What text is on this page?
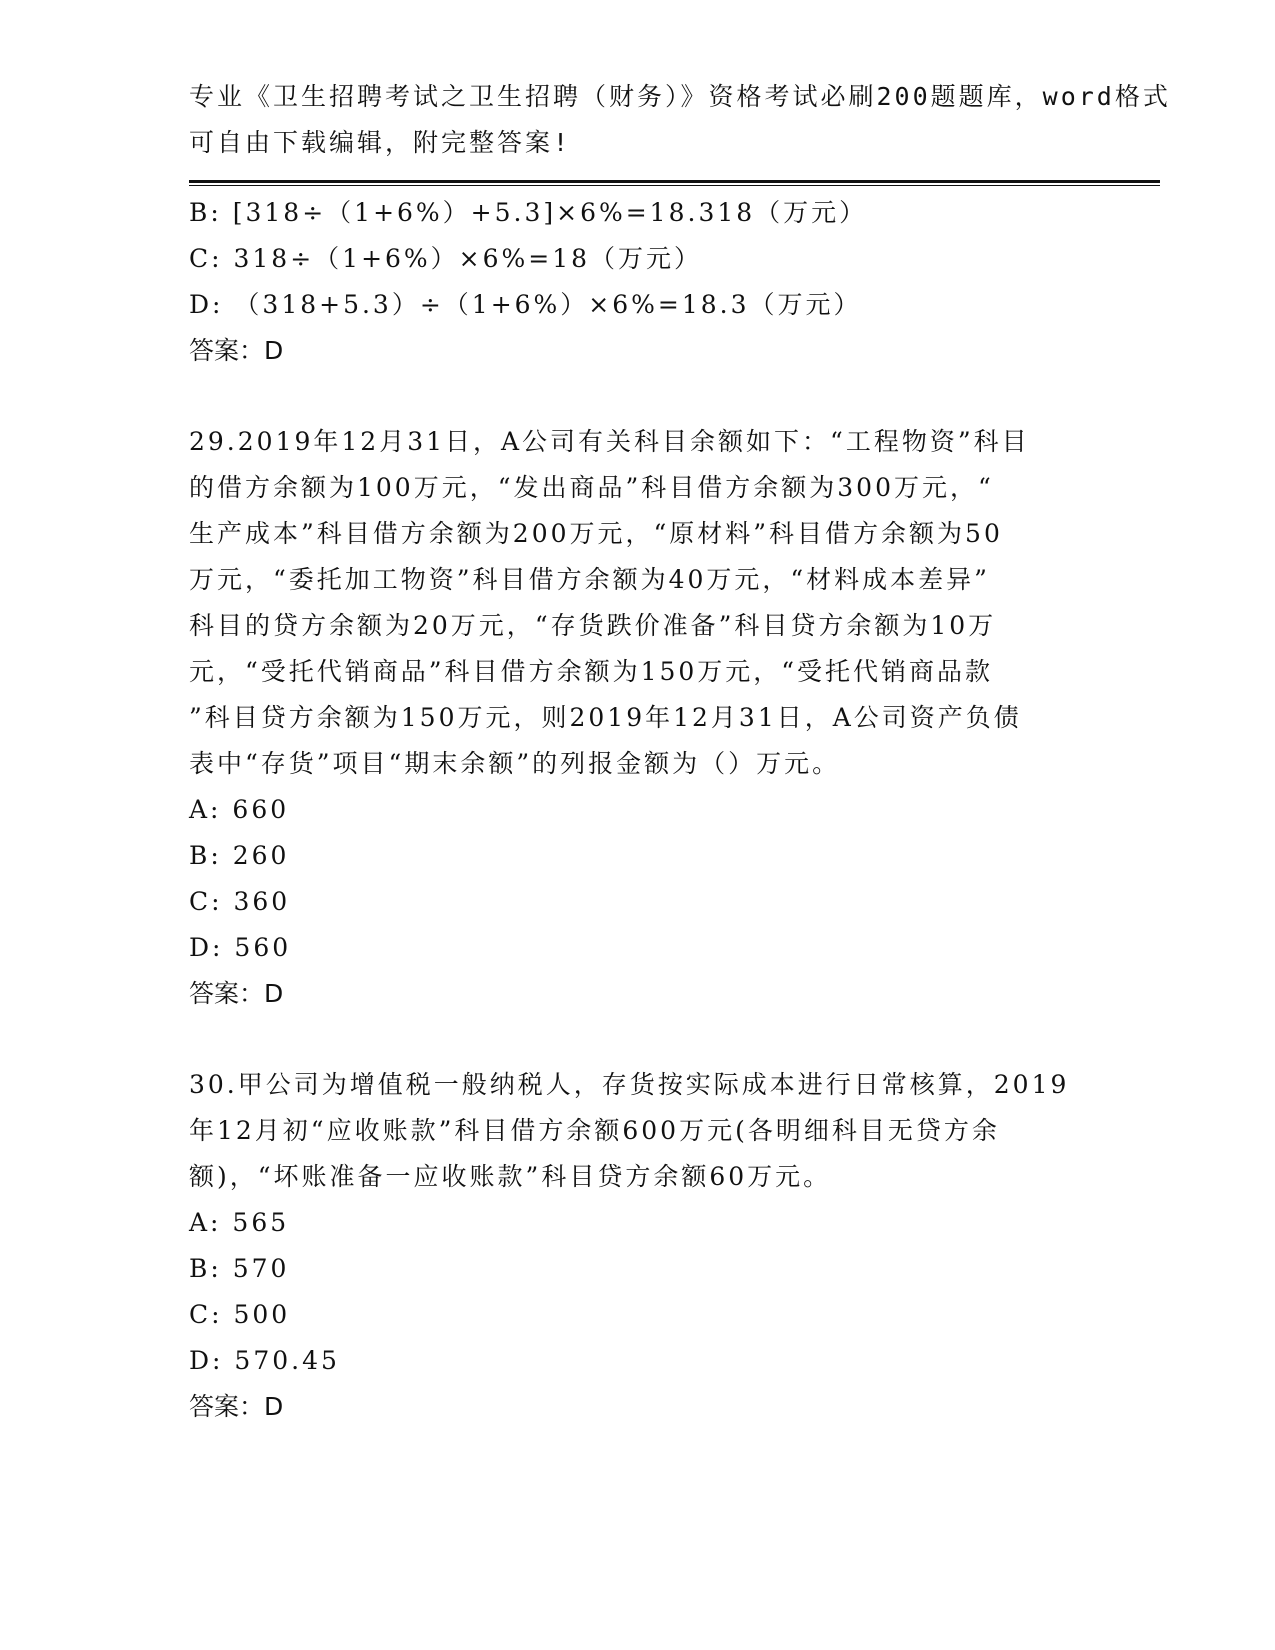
专业《卫生招聘考试之卫生招聘（财务）》资格考试必刷200题题库，word格式
可自由下载编辑，附完整答案!
B: [318÷（1+6%）+5.3]×6%=18.318（万元）
C: 318÷（1+6%）×6%=18（万元）
D: （318+5.3）÷（1+6%）×6%=18.3（万元）
答案：D
29.2019年12月31日，A公司有关科目余额如下：“工程物资”科目
的借方余额为100万元，“发出商品”科目借方余额为300万元，“
生产成本”科目借方余额为200万元，“原材料”科目借方余额为50
万元，“委托加工物资”科目借方余额为40万元，“材料成本差异”
科目的贷方余额为20万元，“存货跌价准备”科目贷方余额为10万
元，“受托代销商品”科目借方余额为150万元，“受托代销商品款
”科目贷方余额为150万元，则2019年12月31日，A公司资产负债
表中“存货”项目“期末余额”的列报金额为（）万元。
A: 660
B: 260
C: 360
D: 560
答案：D
30.甲公司为增值税一般纳税人，存货按实际成本进行日常核算，2019
年12月初“应收账款”科目借方余额600万元(各明细科目无贷方余
额)，“坏账准备一应收账款”科目贷方余额60万元。
A: 565
B: 570
C: 500
D: 570.45
答案：D
